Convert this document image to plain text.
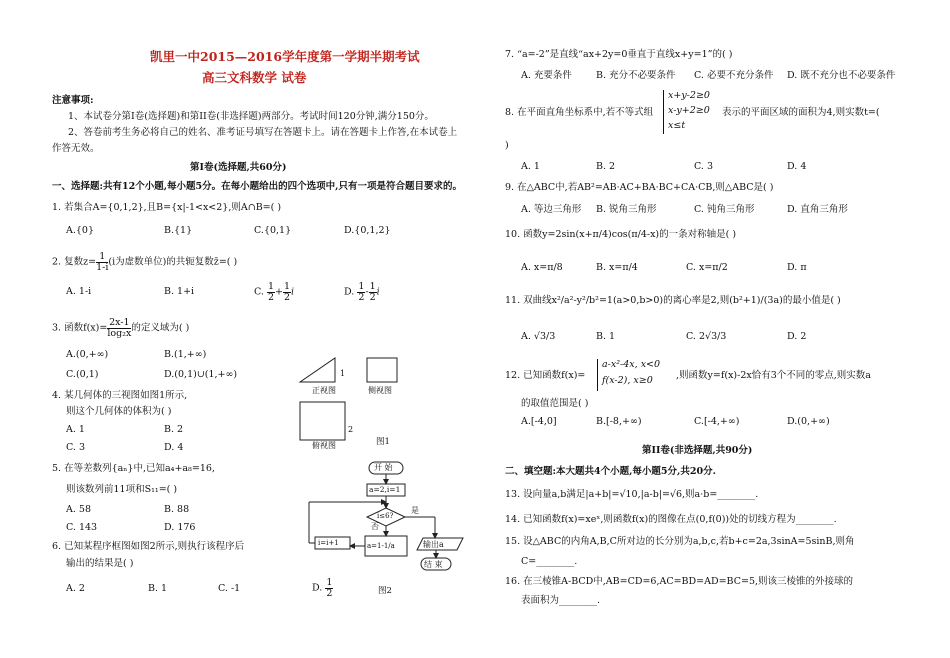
凯里一中2015—2016学年度第一学期半期考试
高三文科数学 试卷
注意事项:
1、本试卷分第I卷(选择题)和第II卷(非选择题)两部分。考试时间120分钟,满分150分。
2、答卷前考生务必将自己的姓名、准考证号填写在答题卡上。请在答题卡上作答,在本试卷上
作答无效。
第I卷(选择题,共60分)
一、选择题:共有12个小题,每小题5分。在每小题给出的四个选项中,只有一项是符合题目要求的。
1. 若集合A={0,1,2},且B={x|-1<x<2},则A∩B=( )
A.{0}	B.{1}	C.{0,1}	D.{0,1,2}
2. 复数$z= \frac{1}{1-i} (i$为虚数单位)的共轭复数z̄=( )
A. 1-i	B. 1+i	C. $\frac{1}{2} + \frac{1}{2}$ i	D. $\frac{1}{2} - \frac{1}{2}$ i
3. 函数$f(x)= \frac{2x-1}{\text{log₂x}}$ 的定义域为( )
A.(0,+∞)	B.(1,+∞)
C.(0,1)	D.(0,1)∪(1,+∞)
4. 某几何体的三视图如图1所示,
则这个几何体的体积为( )
A. 1	B. 2
C. 3	D. 4
5. 在等差数列{aₙ}中,已知a₄+a₈=16,
则该数列前11项和S₁₁=( )
A. 58	B. 88
C. 143	D. 176
6. 已知某程序框图如图2所示,则执行该程序后
输出的结果是( )
A. 2	B. 1	C. -1	D. $\frac{1}{2}$
1
正视图	侧视图
2
俯视图	图1
开 始
a=2,i=1
i≤6?
是
否
a=1-1/a
i=i+1	输出a
结 束
图2
7. “a=-2”是直线“ax+2y=0垂直于直线x+y=1”的( )
A. 充要条件	B. 充分不必要条件 C. 必要不充分条件 D. 既不充分也不必要条件
8. 在平面直角坐标系中,若不等式组
x+y-2≥0
x-y+2≥0
x≤t
表示的平面区域的面积为4,则实数t=(
)
A. 1	B. 2	C. 3	D. 4
9. 在△ABC中,若AB²=AB·AC+BA·BC+CA·CB,则△ABC是( )
A. 等边三角形 B. 锐角三角形	C. 钝角三角形	D. 直角三角形
10. 函数y=2sin(x+π/4)cos(π/4-x)的一条对称轴是( )
A. x=π/8	B. x=π/4	C. x=π/2	D. π
11. 双曲线x²/a²-y²/b²=1(a>0,b>0)的离心率是2,则(b²+1)/(3a)的最小值是( )
A. √3/3	B. 1	C. 2√3/3	D. 2
12. 已知函数f(x)=
a-x²-4x, x<0
f(x-2), x≥0 ,则函数y=f(x)-2x恰有3个不同的零点,则实数a
的取值范围是( )
A.[-4,0]	B.[-8,+∞)	C.[-4,+∞)	D.(0,+∞)
第II卷(非选择题,共90分)
二、填空题:本大题共4个小题,每小题5分,共20分.
13. 设向量a,b满足|a+b|=√10,|a-b|=√6,则a·b=________.
14. 已知函数f(x)=xeˣ,则函数f(x)的图像在点(0,f(0))处的切线方程为________.
15. 设△ABC的内角A,B,C所对边的长分别为a,b,c,若b+c=2a,3sinA=5sinB,则角
C=________.
16. 在三棱锥A-BCD中,AB=CD=6,AC=BD=AD=BC=5,则该三棱锥的外接球的
表面积为________.
